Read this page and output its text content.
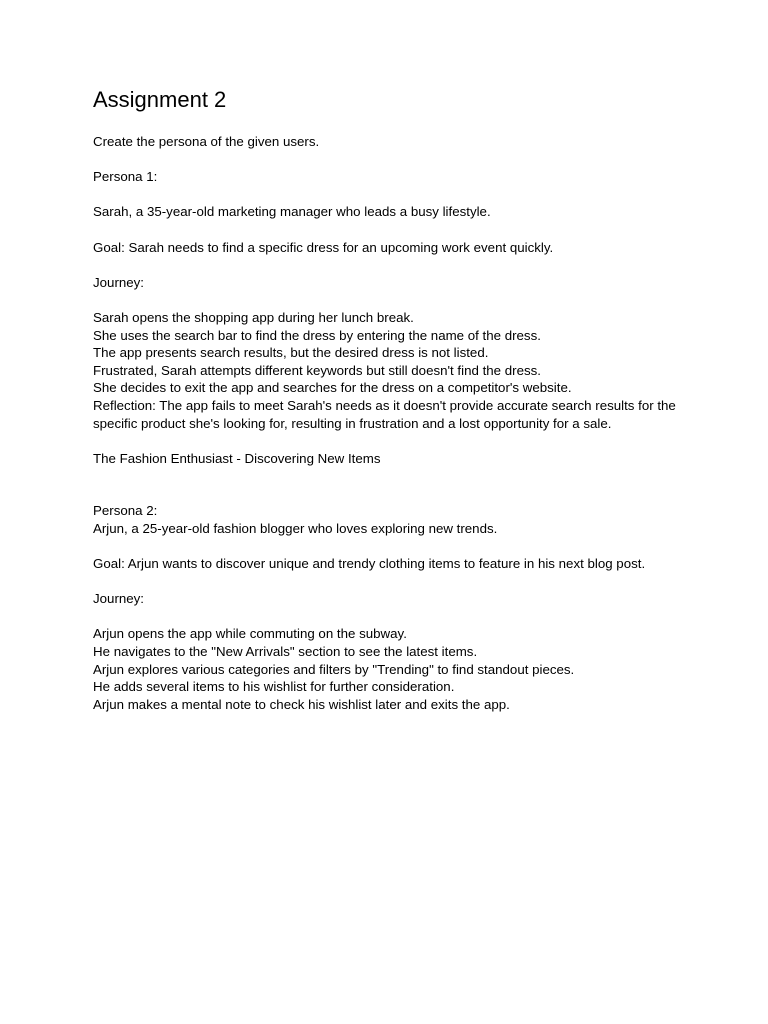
Assignment 2

Create the persona of the given users.

Persona 1:

Sarah, a 35-year-old marketing manager who leads a busy lifestyle.

Goal: Sarah needs to find a specific dress for an upcoming work event quickly.

Journey:

Sarah opens the shopping app during her lunch break.

She uses the search bar to find the dress by entering the name of the dress.

The app presents search results, but the desired dress is not listed.

Frustrated, Sarah attempts different keywords but still doesn't find the dress.

She decides to exit the app and searches for the dress on a competitor's website.

Reflection: The app fails to meet Sarah's needs as it doesn't provide accurate search results for the specific product she's looking for, resulting in frustration and a lost opportunity for a sale.

The Fashion Enthusiast - Discovering New Items

Persona 2:

Arjun, a 25-year-old fashion blogger who loves exploring new trends.

Goal: Arjun wants to discover unique and trendy clothing items to feature in his next blog post.

Journey:

Arjun opens the app while commuting on the subway.

He navigates to the "New Arrivals" section to see the latest items.

Arjun explores various categories and filters by "Trending" to find standout pieces.

He adds several items to his wishlist for further consideration.

Arjun makes a mental note to check his wishlist later and exits the app.
